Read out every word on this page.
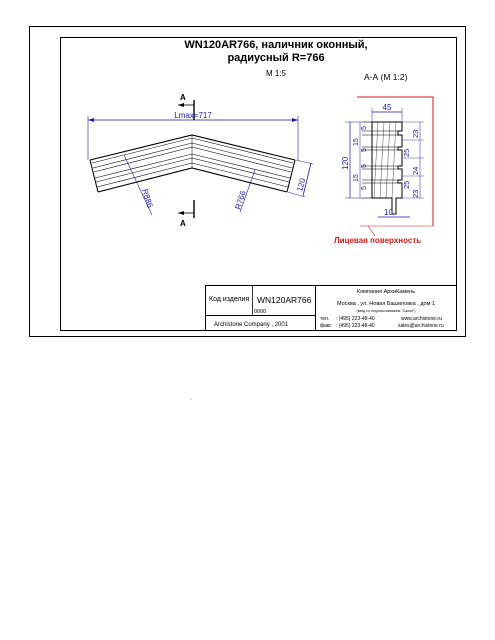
WN120AR766, наличник оконный,
радиусный R=766
M 1:5
Lmax=717
R886	R766
120
А
А
А-А (М 1:2)
Лицевая поверхность
45
10
120
5
15
5
5
15
5
23
25
24
25
23
Код изделия WN120AR766
0000
Archistone Company , 2001
Компания АрхиКамень
Москва , ул. Новая Башиловка , дом 1
(вход со стороны магазина "Салон")
тел. : (495) 223-48-40
факс : (495) 223-48-40
www.archistone.ru
sales@archistone.ru
